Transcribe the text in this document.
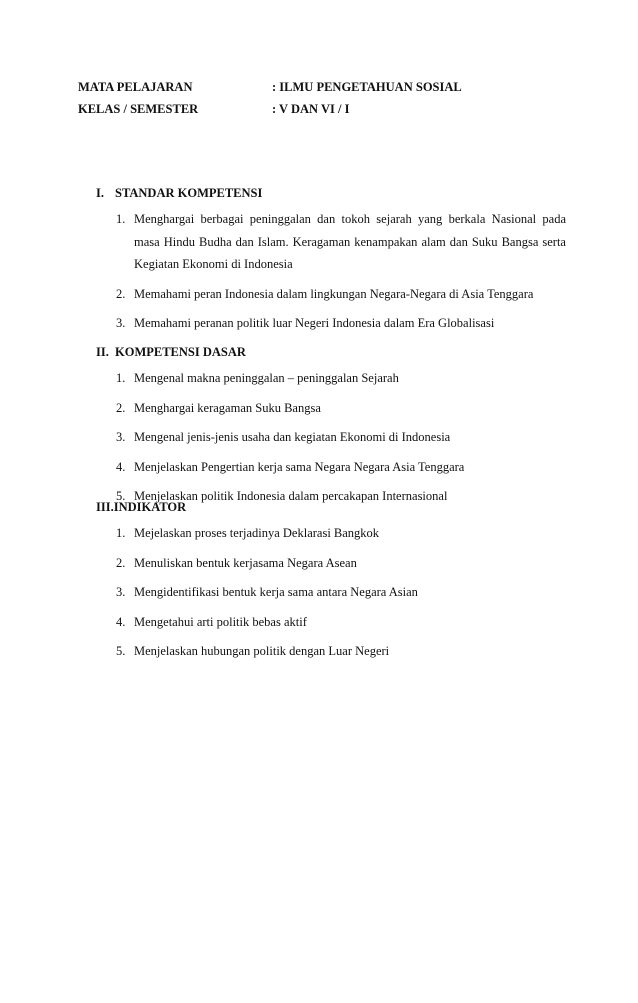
MATA PELAJARAN	: ILMU PENGETAHUAN SOSIAL
KELAS / SEMESTER	: V DAN VI / I
I. STANDAR KOMPETENSI
1. Menghargai berbagai peninggalan dan tokoh sejarah yang berkala Nasional pada masa Hindu Budha dan Islam. Keragaman kenampakan alam dan Suku Bangsa serta Kegiatan Ekonomi di Indonesia
2. Memahami peran Indonesia dalam lingkungan Negara-Negara di Asia Tenggara
3. Memahami peranan politik luar Negeri Indonesia dalam Era Globalisasi
II. KOMPETENSI DASAR
1. Mengenal makna peninggalan – peninggalan Sejarah
2. Menghargai keragaman Suku Bangsa
3. Mengenal jenis-jenis usaha dan kegiatan Ekonomi di Indonesia
4. Menjelaskan Pengertian kerja sama Negara Negara Asia Tenggara
5. Menjelaskan politik Indonesia dalam percakapan Internasional
III.INDIKATOR
1. Mejelaskan proses terjadinya Deklarasi Bangkok
2. Menuliskan bentuk kerjasama Negara Asean
3. Mengidentifikasi bentuk kerja sama antara Negara Asian
4. Mengetahui arti politik bebas aktif
5. Menjelaskan hubungan politik dengan Luar Negeri
